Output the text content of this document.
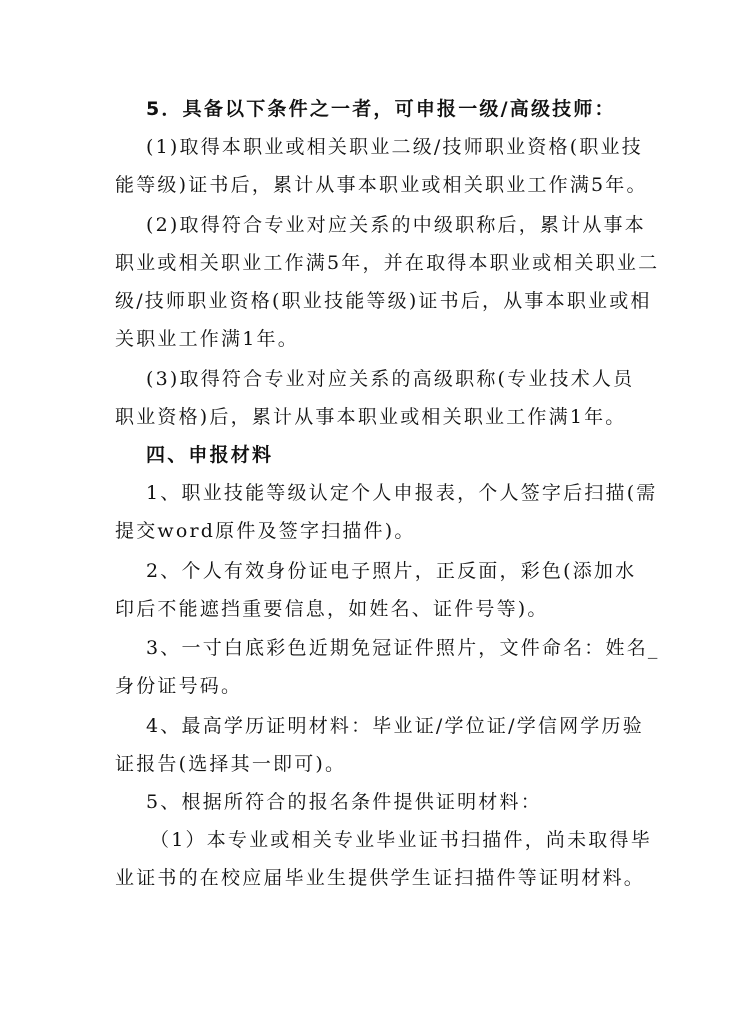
5．具备以下条件之一者，可申报一级/高级技师：
(1)取得本职业或相关职业二级/技师职业资格(职业技
能等级)证书后，累计从事本职业或相关职业工作满5年。
(2)取得符合专业对应关系的中级职称后，累计从事本
职业或相关职业工作满5年，并在取得本职业或相关职业二
级/技师职业资格(职业技能等级)证书后，从事本职业或相
关职业工作满1年。
(3)取得符合专业对应关系的高级职称(专业技术人员
职业资格)后，累计从事本职业或相关职业工作满1年。
四、申报材料
1、职业技能等级认定个人申报表，个人签字后扫描(需
提交word原件及签字扫描件)。
2、个人有效身份证电子照片，正反面，彩色(添加水
印后不能遮挡重要信息，如姓名、证件号等)。
3、一寸白底彩色近期免冠证件照片，文件命名：姓名_
身份证号码。
4、最高学历证明材料：毕业证/学位证/学信网学历验
证报告(选择其一即可)。
5、根据所符合的报名条件提供证明材料：
（1）本专业或相关专业毕业证书扫描件，尚未取得毕
业证书的在校应届毕业生提供学生证扫描件等证明材料。
